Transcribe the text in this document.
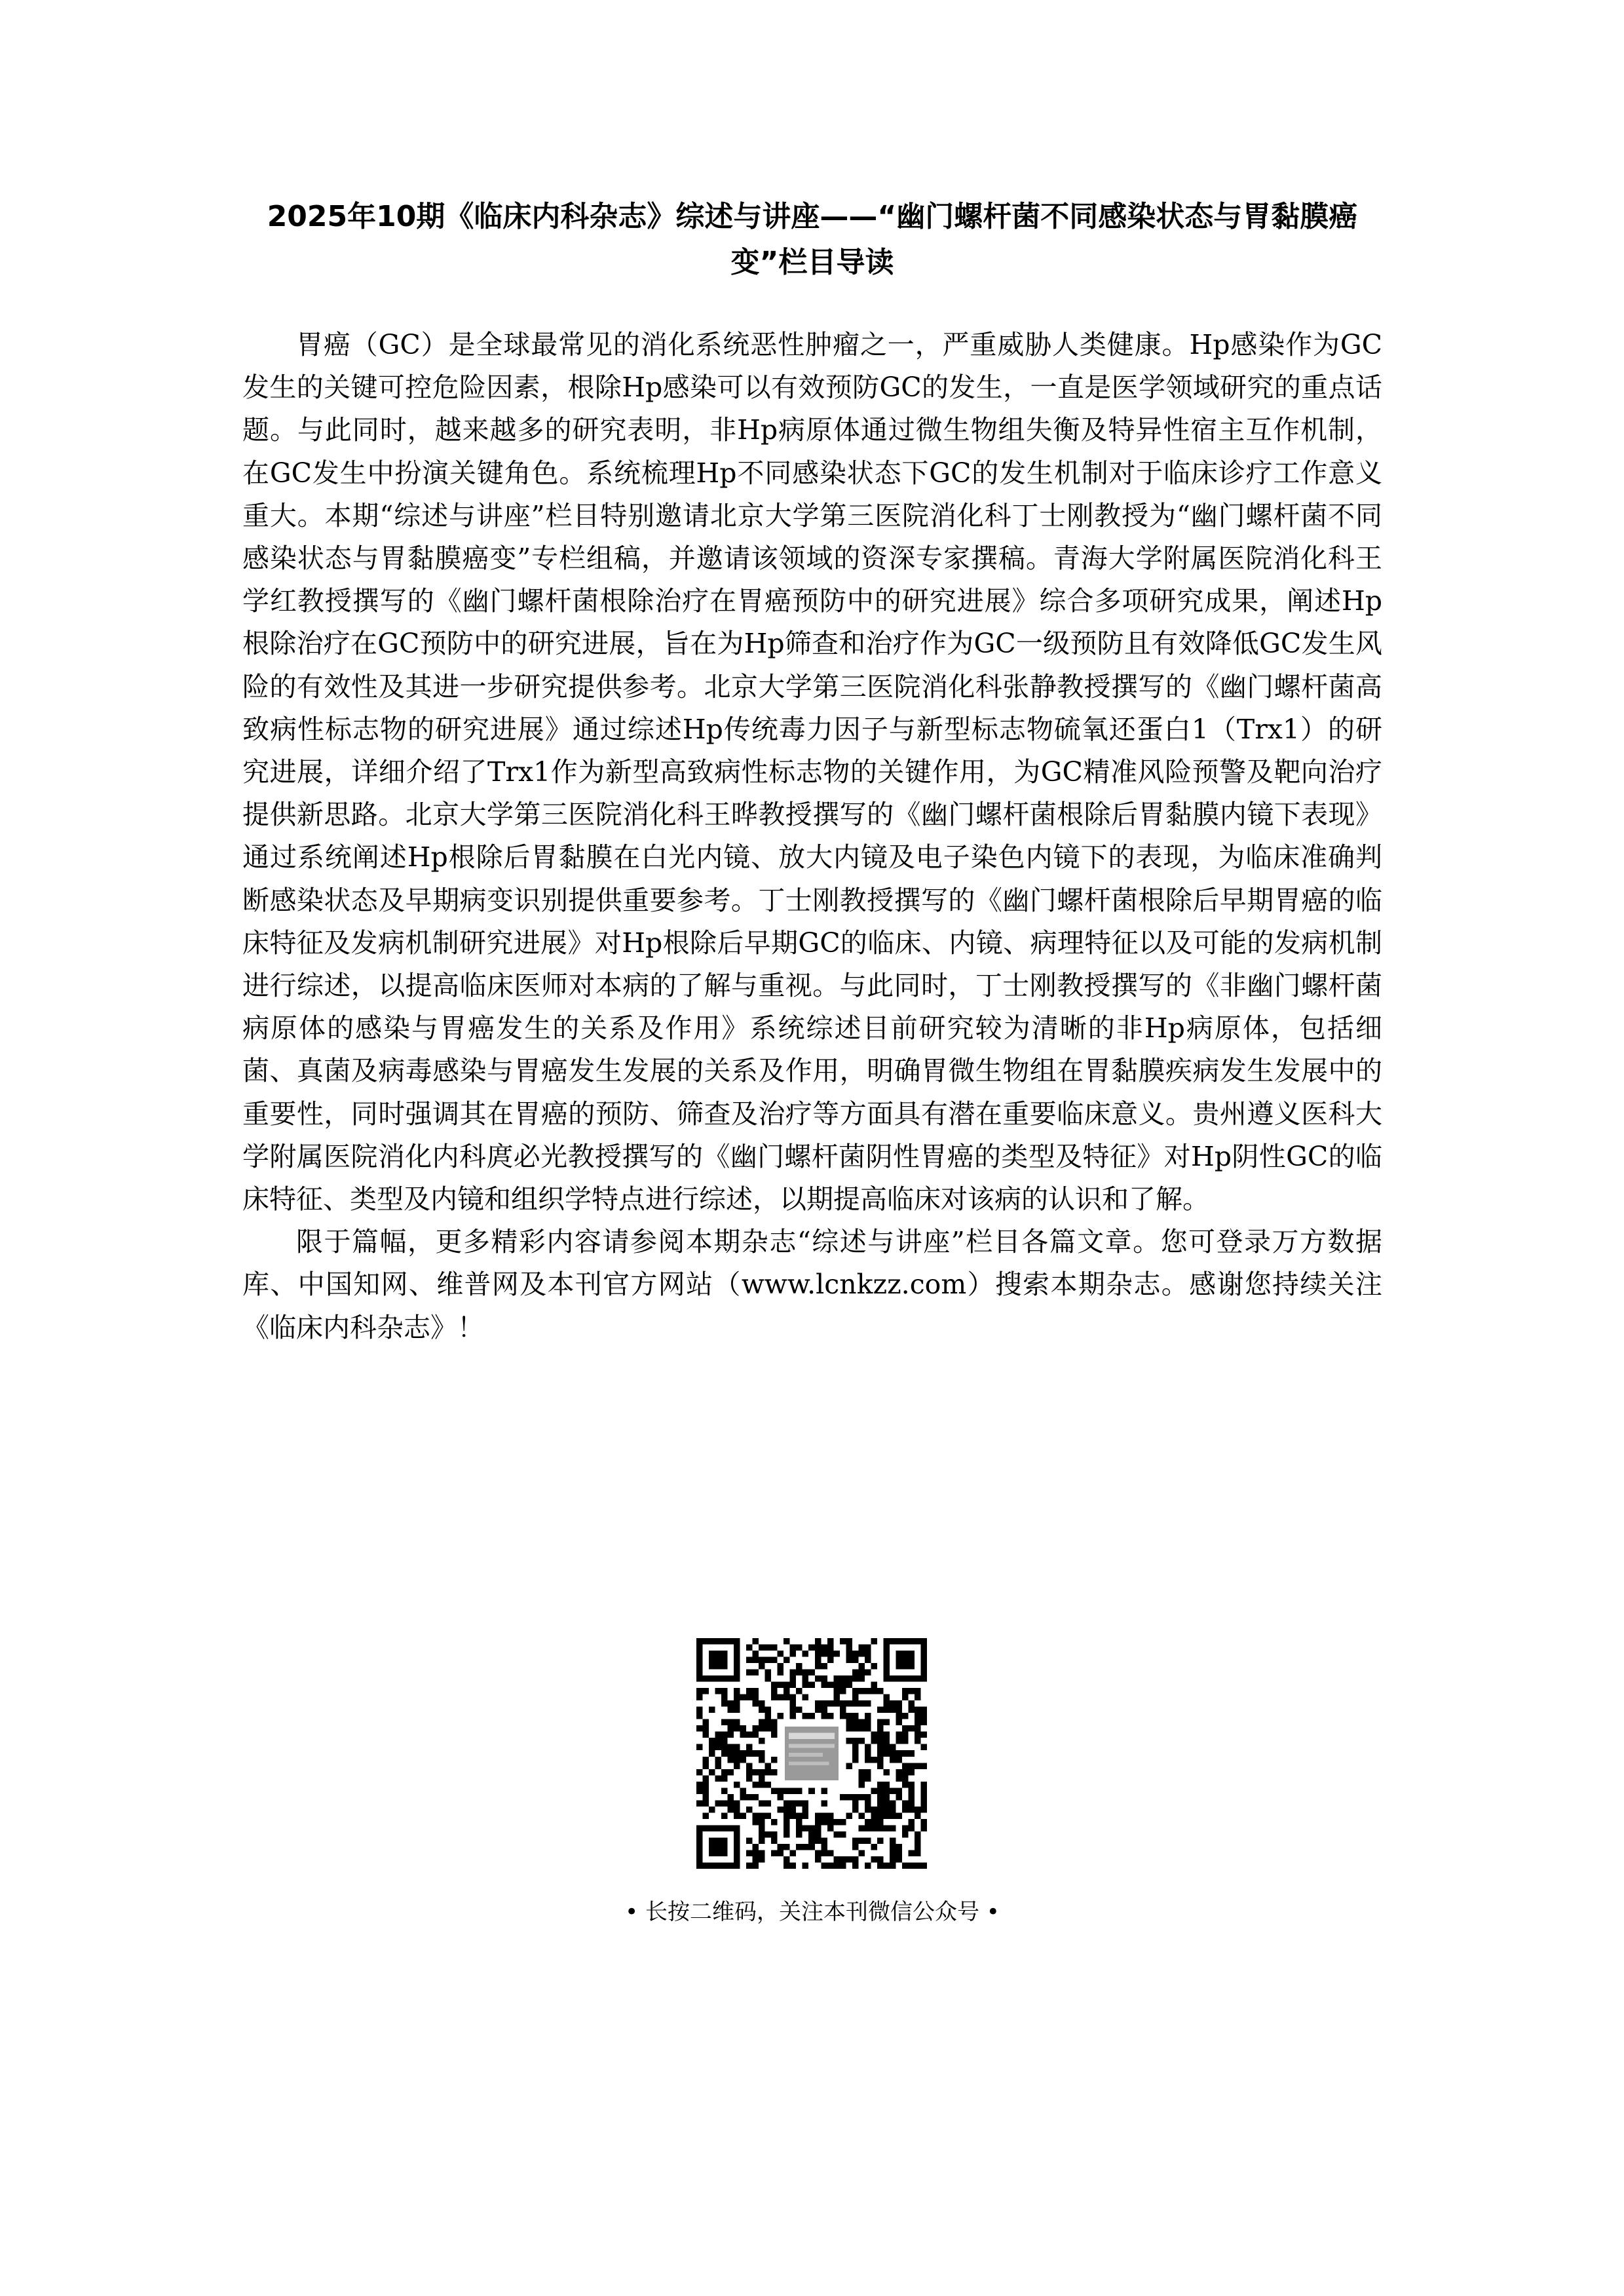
2025年10期《临床内科杂志》综述与讲座——“幽门螺杆菌不同感染状态与胃黏膜癌
变”栏目导读

胃癌（GC）是全球最常见的消化系统恶性肿瘤之一，严重威胁人类健康。Hp感染作为GC发生的关键可控危险因素，根除Hp感染可以有效预防GC的发生，一直是医学领域研究的重点话题。与此同时，越来越多的研究表明，非Hp病原体通过微生物组失衡及特异性宿主互作机制，在GC发生中扮演关键角色。系统梳理Hp不同感染状态下GC的发生机制对于临床诊疗工作意义重大。本期“综述与讲座”栏目特别邀请北京大学第三医院消化科丁士刚教授为“幽门螺杆菌不同感染状态与胃黏膜癌变”专栏组稿，并邀请该领域的资深专家撰稿。青海大学附属医院消化科王学红教授撰写的《幽门螺杆菌根除治疗在胃癌预防中的研究进展》综合多项研究成果，阐述Hp根除治疗在GC预防中的研究进展，旨在为Hp筛查和治疗作为GC一级预防且有效降低GC发生风险的有效性及其进一步研究提供参考。北京大学第三医院消化科张静教授撰写的《幽门螺杆菌高致病性标志物的研究进展》通过综述Hp传统毒力因子与新型标志物硫氧还蛋白1（Trx1）的研究进展，详细介绍了Trx1作为新型高致病性标志物的关键作用，为GC精准风险预警及靶向治疗提供新思路。北京大学第三医院消化科王晔教授撰写的《幽门螺杆菌根除后胃黏膜内镜下表现》通过系统阐述Hp根除后胃黏膜在白光内镜、放大内镜及电子染色内镜下的表现，为临床准确判断感染状态及早期病变识别提供重要参考。丁士刚教授撰写的《幽门螺杆菌根除后早期胃癌的临床特征及发病机制研究进展》对Hp根除后早期GC的临床、内镜、病理特征以及可能的发病机制进行综述，以提高临床医师对本病的了解与重视。与此同时，丁士刚教授撰写的《非幽门螺杆菌病原体的感染与胃癌发生的关系及作用》系统综述目前研究较为清晰的非Hp病原体，包括细菌、真菌及病毒感染与胃癌发生发展的关系及作用，明确胃微生物组在胃黏膜疾病发生发展中的重要性，同时强调其在胃癌的预防、筛查及治疗等方面具有潜在重要临床意义。贵州遵义医科大学附属医院消化内科庹必光教授撰写的《幽门螺杆菌阴性胃癌的类型及特征》对Hp阴性GC的临床特征、类型及内镜和组织学特点进行综述，以期提高临床对该病的认识和了解。

限于篇幅，更多精彩内容请参阅本期杂志“综述与讲座”栏目各篇文章。您可登录万方数据库、中国知网、维普网及本刊官方网站（www.lcnkzz.com）搜索本期杂志。感谢您持续关注《临床内科杂志》！

• 长按二维码，关注本刊微信公众号 •
